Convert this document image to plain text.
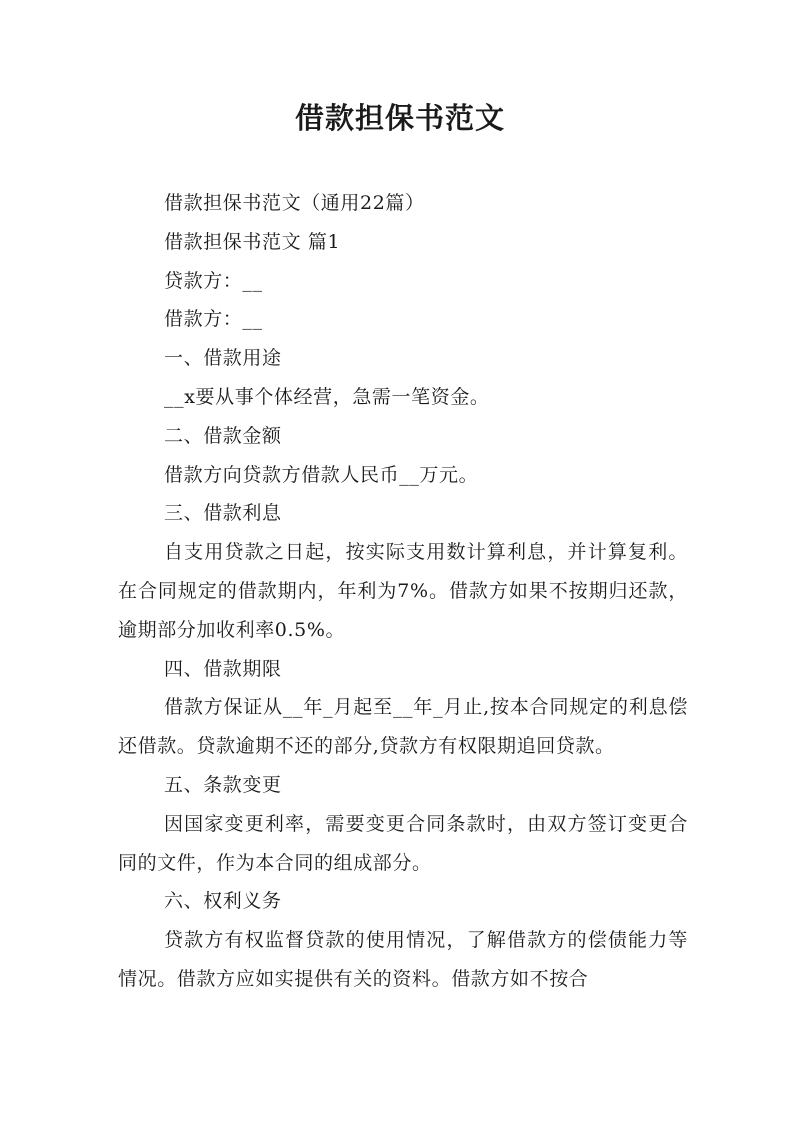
借款担保书范文

借款担保书范文（通用22篇）

借款担保书范文 篇1

贷款方：__

借款方：__

一、借款用途

__x要从事个体经营，急需一笔资金。

二、借款金额

借款方向贷款方借款人民币__万元。

三、借款利息

自支用贷款之日起，按实际支用数计算利息，并计算复利。在合同规定的借款期内，年利为7%。借款方如果不按期归还款，逾期部分加收利率0.5%。

四、借款期限

借款方保证从__年_月起至__年_月止,按本合同规定的利息偿还借款。贷款逾期不还的部分,贷款方有权限期追回贷款。

五、条款变更

因国家变更利率，需要变更合同条款时，由双方签订变更合同的文件，作为本合同的组成部分。

六、权利义务

贷款方有权监督贷款的使用情况，了解借款方的偿债能力等情况。借款方应如实提供有关的资料。借款方如不按合
